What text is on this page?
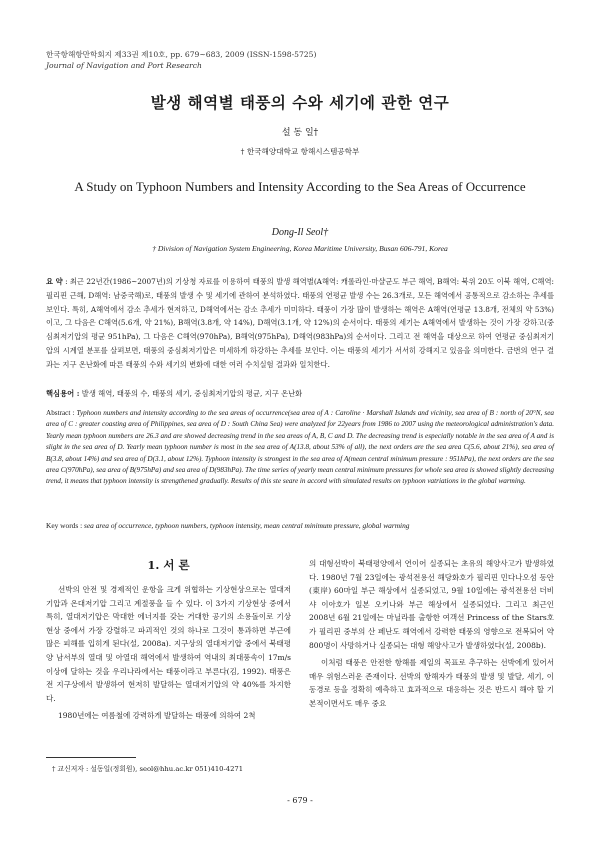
한국항해항만학회지 제33권 제10호, pp. 679~683, 2009 (ISSN-1598-5725)
Journal of Navigation and Port Research
발생 해역별 태풍의 수와 세기에 관한 연구
설 동 일†
† 한국해양대학교 항해시스템공학부
A Study on Typhoon Numbers and Intensity According to the Sea Areas of Occurrence
Dong-Il Seol†
† Division of Navigation System Engineering, Korea Maritime University, Busan 606-791, Korea
요 약 : 최근 22년간(1986~2007년)의 기상청 자료를 이용하여 태풍의 발생 해역별(A해역: 캐롤라인·마샬군도 부근 해역, B해역: 북위 20도 이북 해역, C해역: 필리핀 근해, D해역: 남중국해)로, 태풍의 발생 수 및 세기에 관하여 분석하였다. 태풍의 연평균 발생 수는 26.3개로, 모든 해역에서 공통적으로 감소하는 추세를 보인다. 특히, A해역에서 감소 추세가 현저하고, D해역에서는 감소 추세가 미미하다. 태풍이 가장 많이 발생하는 해역은 A해역(연평균 13.8개, 전체의 약 53%)이고, 그 다음은 C해역(5.6개, 약 21%), B해역(3.8개, 약 14%), D해역(3.1개, 약 12%)의 순서이다. 태풍의 세기는 A해역에서 발생하는 것이 가장 강하고(중심최저기압의 평균 951hPa), 그 다음은 C해역(970hPa), B해역(975hPa), D해역(983hPa)의 순서이다. 그리고 전 해역을 대상으로 하여 연평균 중심최저기압의 시계열 분포를 살펴보면, 태풍의 중심최저기압은 미세하게 하강하는 추세를 보인다. 이는 태풍의 세기가 서서히 강해지고 있음을 의미한다. 금번의 연구 결과는 지구 온난화에 따른 태풍의 수와 세기의 변화에 대한 여러 수치실험 결과와 일치한다.
핵심용어 : 발생 해역, 태풍의 수, 태풍의 세기, 중심최저기압의 평균, 지구 온난화
Abstract : Typhoon numbers and intensity according to the sea areas of occurrence(sea area of A : Caroline · Marshall Islands and vicinity, sea area of B : north of 20°N, sea area of C : greater coasting area of Philippines, sea area of D : South China Sea) were analyzed for 22years from 1986 to 2007 using the meteorological administration's data. Yearly mean typhoon numbers are 26.3 and are showed decreasing trend in the sea areas of A, B, C and D. The decreasing trend is especially notable in the sea area of A and is slight in the sea area of D. Yearly mean typhoon number is most in the sea area of A(13.8, about 53% of all), the next orders are the sea area C(5.6, about 21%), sea area of B(3.8, about 14%) and sea area of D(3.1, about 12%). Typhoon intensity is strongest in the sea area of A(mean central minimum pressure : 951hPa), the next orders are the sea area C(970hPa), sea area of B(975hPa) and sea area of D(983hPa). The time series of yearly mean central minimum pressures for whole sea area is showed slightly decreasing trend, it means that typhoon intensity is strengthened gradually. Results of this ste seare in accord with simulated results on typhoon vatriations in the global warming.
Key words : sea area of occurrence, typhoon numbers, typhoon intensity, mean central minimum pressure, global warming
1. 서 론

선박의 안전 및 경제적인 운항을 크게 위협하는 기상현상으로는 열대저기압과 온대저기압 그리고 계절풍을 들 수 있다. 이 3가지 기상현상 중에서 특히, 열대저기압은 막대한 에너지를 갖는 거대한 공기의 소용돌이로 기상현상 중에서 가장 강렬하고 파괴적인 것의 하나로 그것이 통과하면 부근에 많은 피해를 입히게 된다(설, 2008a). 지구상의 열대저기압 중에서 북태평양 남서부의 열대 및 아열대 해역에서 발생하여 역내의 최대풍속이 17m/s 이상에 달하는 것을 우리나라에서는 태풍이라고 부른다(김, 1992). 태풍은 전 지구상에서 발생하여 현저히 발달하는 열대저기압의 약 40%를 차지한다.

1980년에는 여름철에 강력하게 발달하는 태풍에 의하여 2척

의 대형선박이 북태평양에서 연이어 실종되는 초유의 해양사고가 발생하였다. 1980년 7월 23일에는 광석전용선 해당화호가 필리핀 민다나오섬 동안(東岸) 60마일 부근 해상에서 실종되었고, 9월 10일에는 광석전용선 더비샤 이아호가 일본 오키나와 부근 해상에서 실종되었다. 그리고 최근인 2008년 6월 21일에는 마닐라를 출항한 여객선 Princess of the Stars호가 필리핀 중부의 산 페난도 해역에서 강력한 태풍의 영향으로 전복되어 약 800명이 사망하거나 실종되는 대형 해양사고가 발생하였다(설, 2008b).

이처럼 태풍은 안전한 항해를 제일의 목표로 추구하는 선박에게 있어서 매우 위험스러운 존재이다. 선박의 항해자가 태풍의 발생 및 발달, 세기, 이동경로 등을 정확히 예측하고 효과적으로 대응하는 것은 반드시 해야 할 기본적이면서도 매우 중요

† 교신저자 : 설동일(정회원), seol@hhu.ac.kr 051)410-4271
- 679 -
